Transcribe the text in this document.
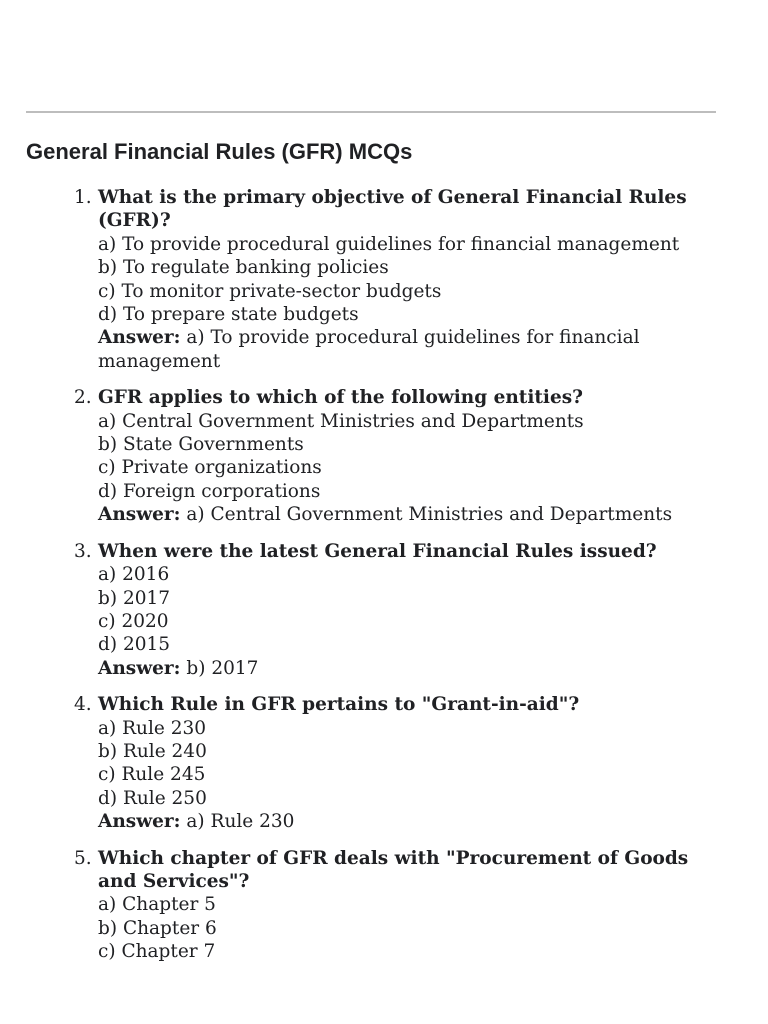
General Financial Rules (GFR) MCQs
1. What is the primary objective of General Financial Rules (GFR)?
a) To provide procedural guidelines for financial management
b) To regulate banking policies
c) To monitor private-sector budgets
d) To prepare state budgets
Answer: a) To provide procedural guidelines for financial management
2. GFR applies to which of the following entities?
a) Central Government Ministries and Departments
b) State Governments
c) Private organizations
d) Foreign corporations
Answer: a) Central Government Ministries and Departments
3. When were the latest General Financial Rules issued?
a) 2016
b) 2017
c) 2020
d) 2015
Answer: b) 2017
4. Which Rule in GFR pertains to "Grant-in-aid"?
a) Rule 230
b) Rule 240
c) Rule 245
d) Rule 250
Answer: a) Rule 230
5. Which chapter of GFR deals with "Procurement of Goods and Services"?
a) Chapter 5
b) Chapter 6
c) Chapter 7
